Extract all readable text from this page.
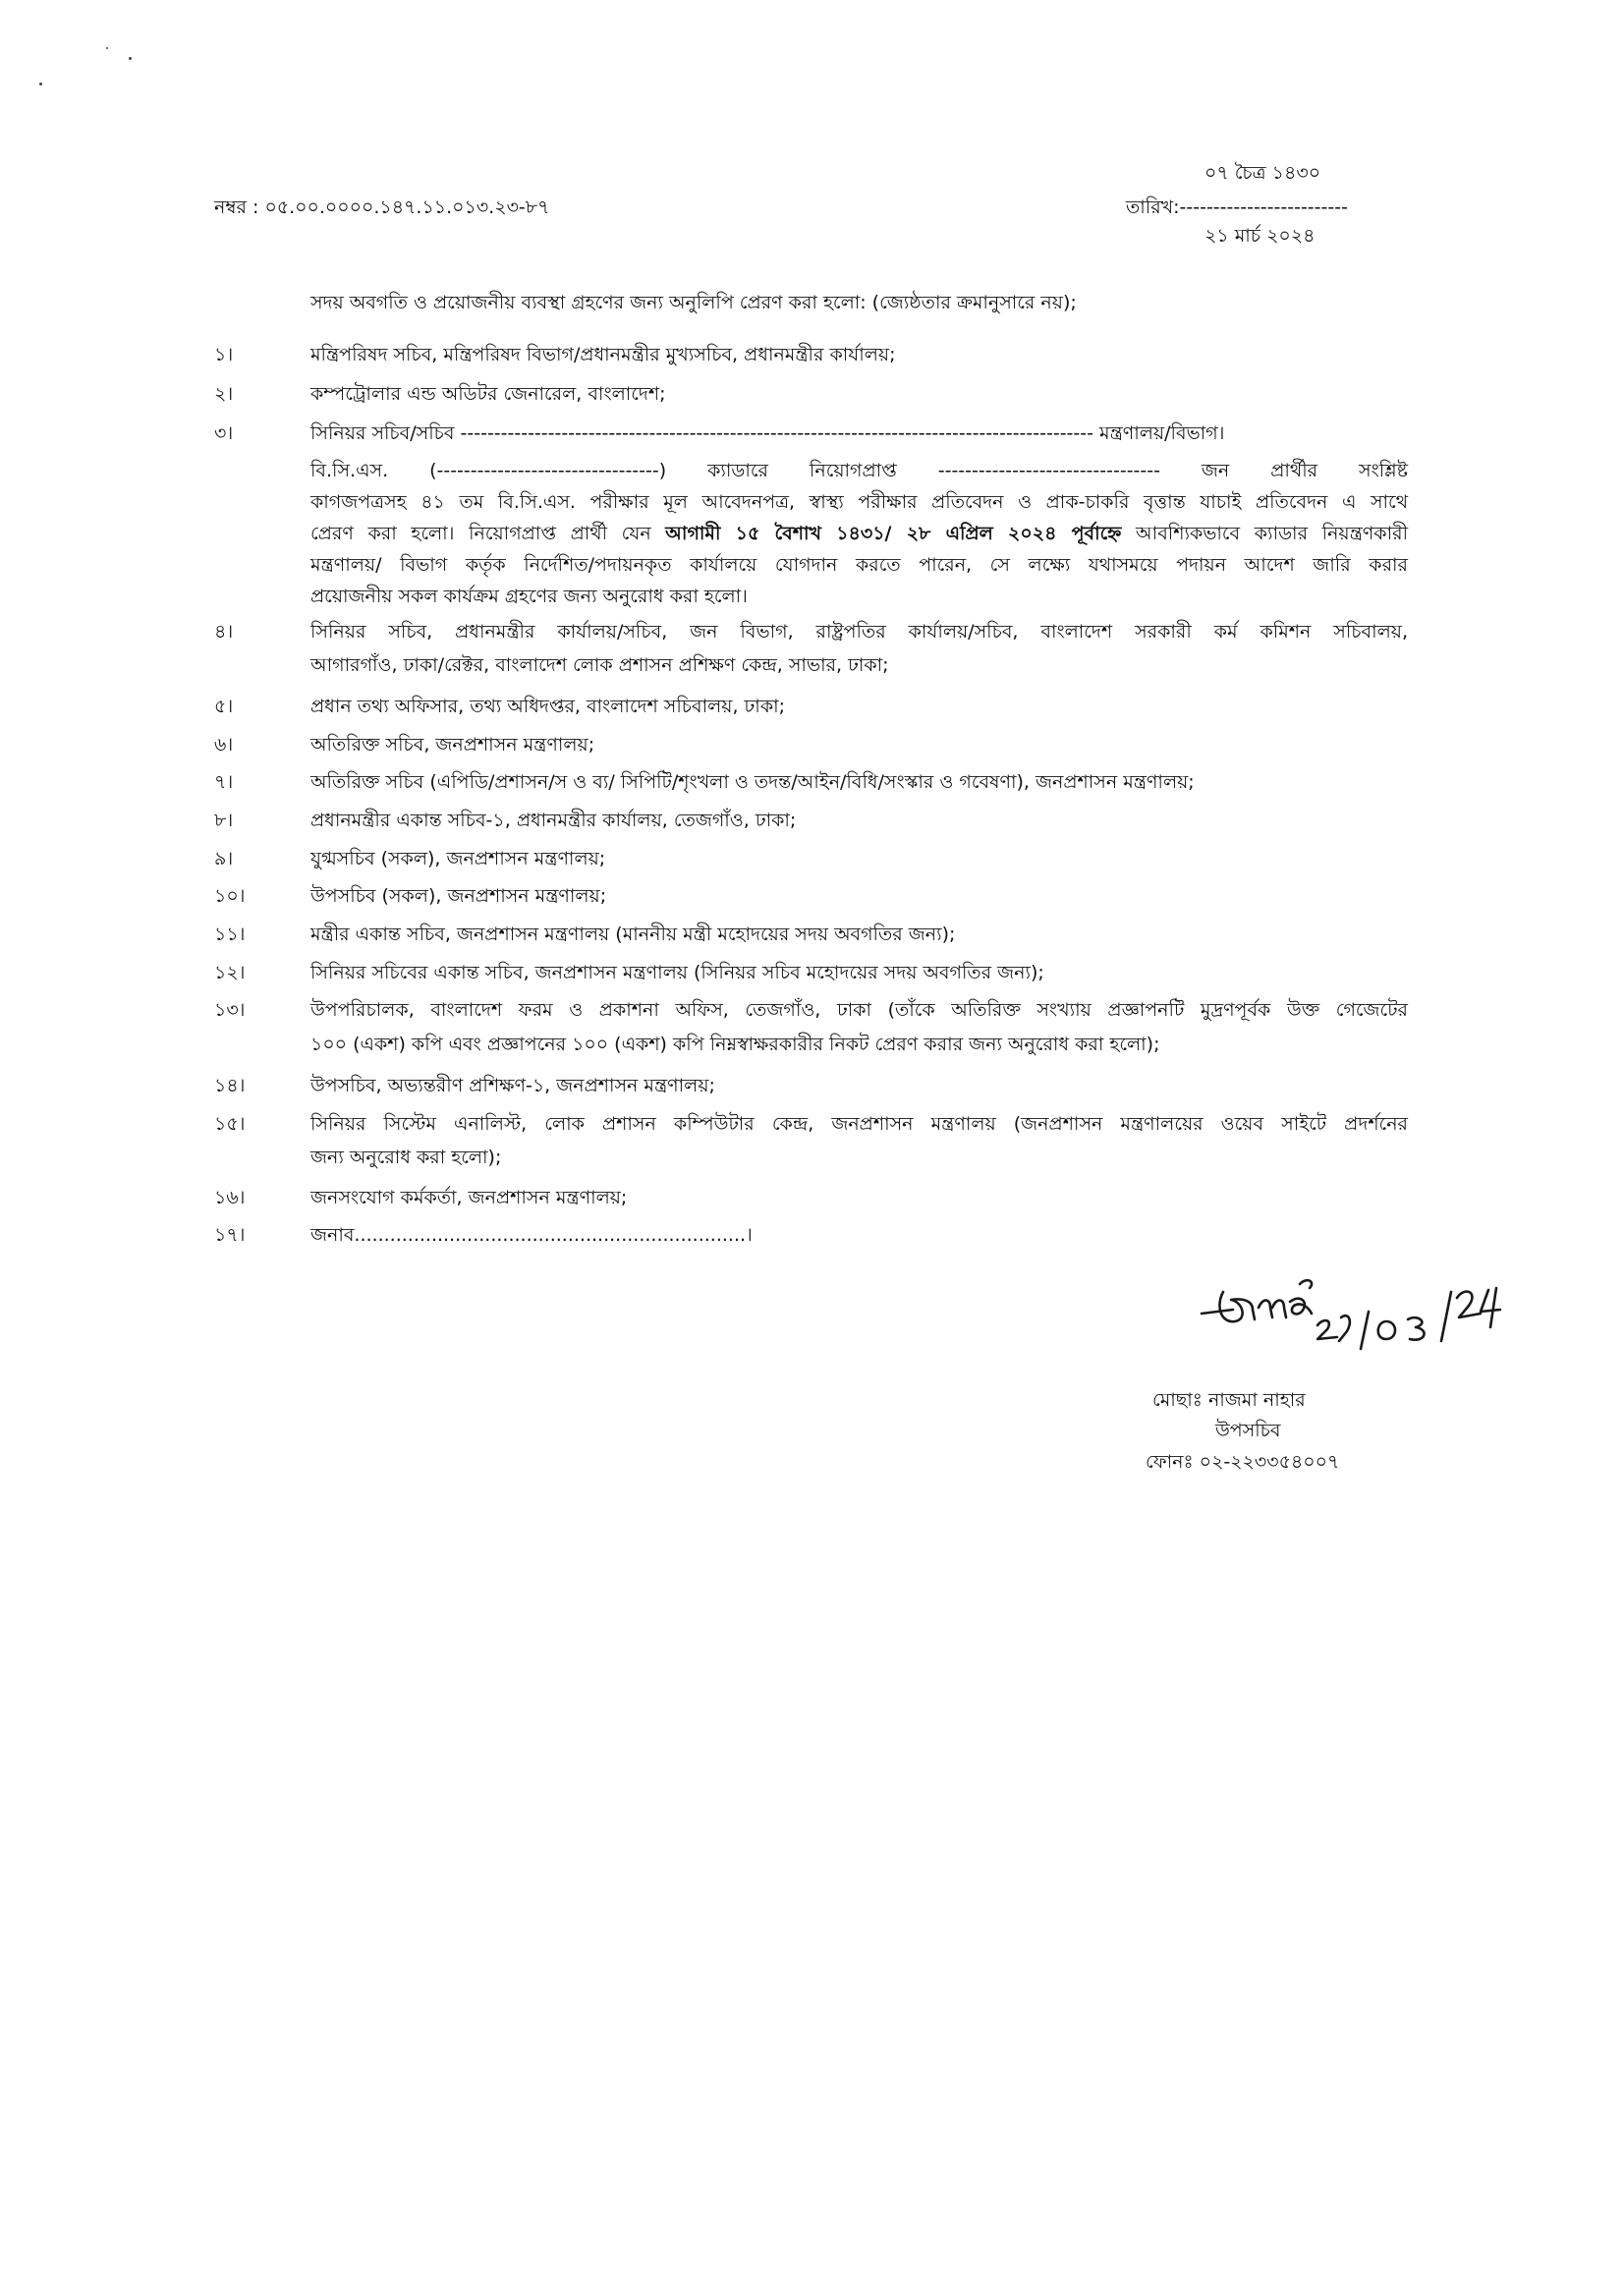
নম্বর : ০৫.০০.০০০০.১৪৭.১১.০১৩.২৩-৮৭
০৭ চৈত্র ১৪৩০
তারিখ:-------------------------
২১ মার্চ ২০২৪
সদয় অবগতি ও প্রয়োজনীয় ব্যবস্থা গ্রহণের জন্য অনুলিপি প্রেরণ করা হলো: (জ্যেষ্ঠতার ক্রমানুসারে নয়);
১।	মন্ত্রিপরিষদ সচিব, মন্ত্রিপরিষদ বিভাগ/প্রধানমন্ত্রীর মুখ্যসচিব, প্রধানমন্ত্রীর কার্যালয়;
২।	কম্পট্রোলার এন্ড অডিটর জেনারেল, বাংলাদেশ;
৩।	সিনিয়র সচিব/সচিব ---------------------------------------------------------------------------------------------- মন্ত্রণালয়/বিভাগ।
বি.সি.এস. (---------------------------------) ক্যাডারে নিয়োগপ্রাপ্ত --------------------------------- জন প্রার্থীর সংশ্লিষ্ট
কাগজপত্রসহ ৪১ তম বি.সি.এস. পরীক্ষার মূল আবেদনপত্র, স্বাস্থ্য পরীক্ষার প্রতিবেদন ও প্রাক-চাকরি বৃত্তান্ত যাচাই প্রতিবেদন এ সাথে
প্রেরণ করা হলো। নিয়োগপ্রাপ্ত প্রার্থী যেন আগামী ১৫ বৈশাখ ১৪৩১/ ২৮ এপ্রিল ২০২৪ পূর্বাহ্নে আবশ্যিকভাবে ক্যাডার নিয়ন্ত্রণকারী
মন্ত্রণালয়/ বিভাগ কর্তৃক নির্দেশিত/পদায়নকৃত কার্যালয়ে যোগদান করতে পারেন, সে লক্ষ্যে যথাসময়ে পদায়ন আদেশ জারি করার
প্রয়োজনীয় সকল কার্যক্রম গ্রহণের জন্য অনুরোধ করা হলো।
৪।	সিনিয়র সচিব, প্রধানমন্ত্রীর কার্যালয়/সচিব, জন বিভাগ, রাষ্ট্রপতির কার্যালয়/সচিব, বাংলাদেশ সরকারী কর্ম কমিশন সচিবালয়,
আগারগাঁও, ঢাকা/রেক্টর, বাংলাদেশ লোক প্রশাসন প্রশিক্ষণ কেন্দ্র, সাভার, ঢাকা;
৫।	প্রধান তথ্য অফিসার, তথ্য অধিদপ্তর, বাংলাদেশ সচিবালয়, ঢাকা;
৬।	অতিরিক্ত সচিব, জনপ্রশাসন মন্ত্রণালয়;
৭।	অতিরিক্ত সচিব (এপিডি/প্রশাসন/স ও ব্য/ সিপিটি/শৃংখলা ও তদন্ত/আইন/বিধি/সংস্কার ও গবেষণা), জনপ্রশাসন মন্ত্রণালয়;
৮।	প্রধানমন্ত্রীর একান্ত সচিব-১, প্রধানমন্ত্রীর কার্যালয়, তেজগাঁও, ঢাকা;
৯।	যুগ্মসচিব (সকল), জনপ্রশাসন মন্ত্রণালয়;
১০।	উপসচিব (সকল), জনপ্রশাসন মন্ত্রণালয়;
১১।	মন্ত্রীর একান্ত সচিব, জনপ্রশাসন মন্ত্রণালয় (মাননীয় মন্ত্রী মহোদয়ের সদয় অবগতির জন্য);
১২।	সিনিয়র সচিবের একান্ত সচিব, জনপ্রশাসন মন্ত্রণালয় (সিনিয়র সচিব মহোদয়ের সদয় অবগতির জন্য);
১৩।	উপপরিচালক, বাংলাদেশ ফরম ও প্রকাশনা অফিস, তেজগাঁও, ঢাকা (তাঁকে অতিরিক্ত সংখ্যায় প্রজ্ঞাপনটি মুদ্রণপূর্বক উক্ত গেজেটের
১০০ (একশ) কপি এবং প্রজ্ঞাপনের ১০০ (একশ) কপি নিম্নস্বাক্ষরকারীর নিকট প্রেরণ করার জন্য অনুরোধ করা হলো);
১৪।	উপসচিব, অভ্যন্তরীণ প্রশিক্ষণ-১, জনপ্রশাসন মন্ত্রণালয়;
১৫।	সিনিয়র সিস্টেম এনালিস্ট, লোক প্রশাসন কম্পিউটার কেন্দ্র, জনপ্রশাসন মন্ত্রণালয় (জনপ্রশাসন মন্ত্রণালয়ের ওয়েব সাইটে প্রদর্শনের
জন্য অনুরোধ করা হলো);
১৬।	জনসংযোগ কর্মকর্তা, জনপ্রশাসন মন্ত্রণালয়;
১৭।	জনাব..................................................................।
মোছাঃ নাজমা নাহার
উপসচিব
ফোনঃ ০২-২২৩৩৫৪০০৭
